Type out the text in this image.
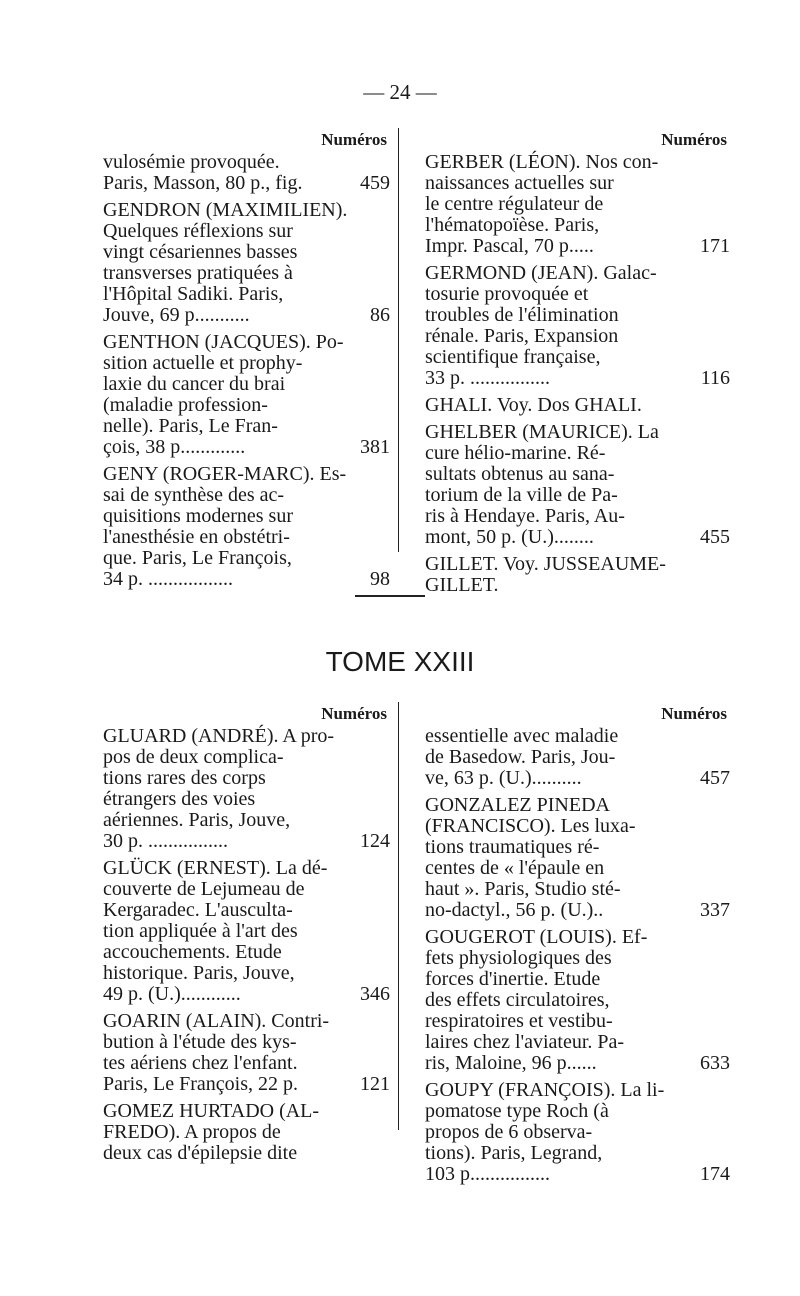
— 24 —
Numéros
vulosémie provoquée.
Paris, Masson, 80 p., fig.	459
GENDRON (MAXIMILIEN).
Quelques réflexions sur
vingt césariennes basses
transverses pratiquées à
l'Hôpital Sadiki. Paris,
Jouve, 69 p...........	86
GENTHON (JACQUES). Po-
sition actuelle et prophy-
laxie du cancer du brai
(maladie profession-
nelle). Paris, Le Fran-
çois, 38 p.............	381
GENY (ROGER-MARC). Es-
sai de synthèse des ac-
quisitions modernes sur
l'anesthésie en obstétri-
que. Paris, Le François,
34 p. .................	98
Numéros
GERBER (LÉON). Nos con-
naissances actuelles sur
le centre régulateur de
l'hématopoïèse. Paris,
Impr. Pascal, 70 p.....	171
GERMOND (JEAN). Galac-
tosurie provoquée et
troubles de l'élimination
rénale. Paris, Expansion
scientifique française,
33 p. ................	116
GHALI. Voy. Dos GHALI.
GHELBER (MAURICE). La
cure hélio-marine. Ré-
sultats obtenus au sana-
torium de la ville de Pa-
ris à Hendaye. Paris, Au-
mont, 50 p. (U.)........	455
GILLET. Voy. JUSSEAUME-
GILLET.
TOME XXIII
Numéros
GLUARD (ANDRÉ). A pro-
pos de deux complica-
tions rares des corps
étrangers des voies
aériennes. Paris, Jouve,
30 p. ................	124
GLÜCK (ERNEST). La dé-
couverte de Lejumeau de
Kergaradec. L'ausculta-
tion appliquée à l'art des
accouchements. Etude
historique. Paris, Jouve,
49 p. (U.)............	346
GOARIN (ALAIN). Contri-
bution à l'étude des kys-
tes aériens chez l'enfant.
Paris, Le François, 22 p.	121
GOMEZ HURTADO (AL-
FREDO). A propos de
deux cas d'épilepsie dite
Numéros
essentielle avec maladie
de Basedow. Paris, Jou-
ve, 63 p. (U.)..........	457
GONZALEZ PINEDA
(FRANCISCO). Les luxa-
tions traumatiques ré-
centes de « l'épaule en
haut ». Paris, Studio sté-
no-dactyl., 56 p. (U.)..	337
GOUGEROT (LOUIS). Ef-
fets physiologiques des
forces d'inertie. Etude
des effets circulatoires,
respiratoires et vestibu-
laires chez l'aviateur. Pa-
ris, Maloine, 96 p......	633
GOUPY (FRANÇOIS). La li-
pomatose type Roch (à
propos de 6 observa-
tions). Paris, Legrand,
103 p................	174
